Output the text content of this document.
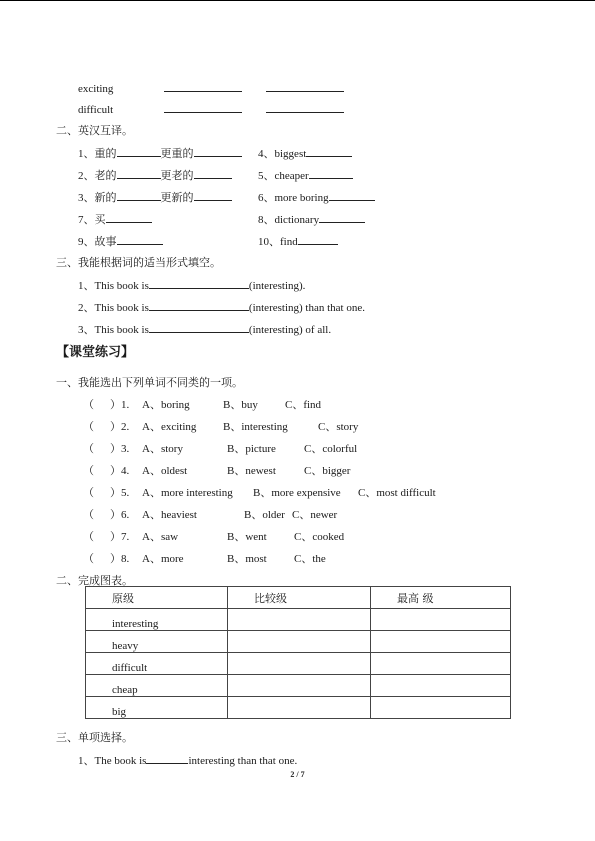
exciting
difficult
二、英汉互译。
1、重的	更重的	4、biggest
2、老的	更老的	5、cheaper
3、新的	更新的	6、more boring
7、买	8、dictionary
9、故事	10、find
三、我能根据词的适当形式填空。
1、This book is	(interesting).
2、This book is	(interesting) than that one.
3、This book is	(interesting) of all.
【课堂练习】
一、我能选出下列单词不同类的一项。
（ ）1. A、boring	B、buy C、find
（ ）2. A、exciting B、interesting	C、story
（ ）3. A、story	B、picture	C、colorful
（ ）4. A、oldest	B、newest	C、bigger
（ ）5. A、more interesting B、more expensive C、most difficult
（ ）6. A、heaviest	B、older C、newer
（ ）7. A、saw	B、went C、cooked
（ ）8. A、more	B、most C、the
二、完成图表。
原级	比较级	最高 级
interesting		
heavy		
difficult		
cheap		
big		
三、单项选择。
1、The book is	interesting than that one.
2 / 7
